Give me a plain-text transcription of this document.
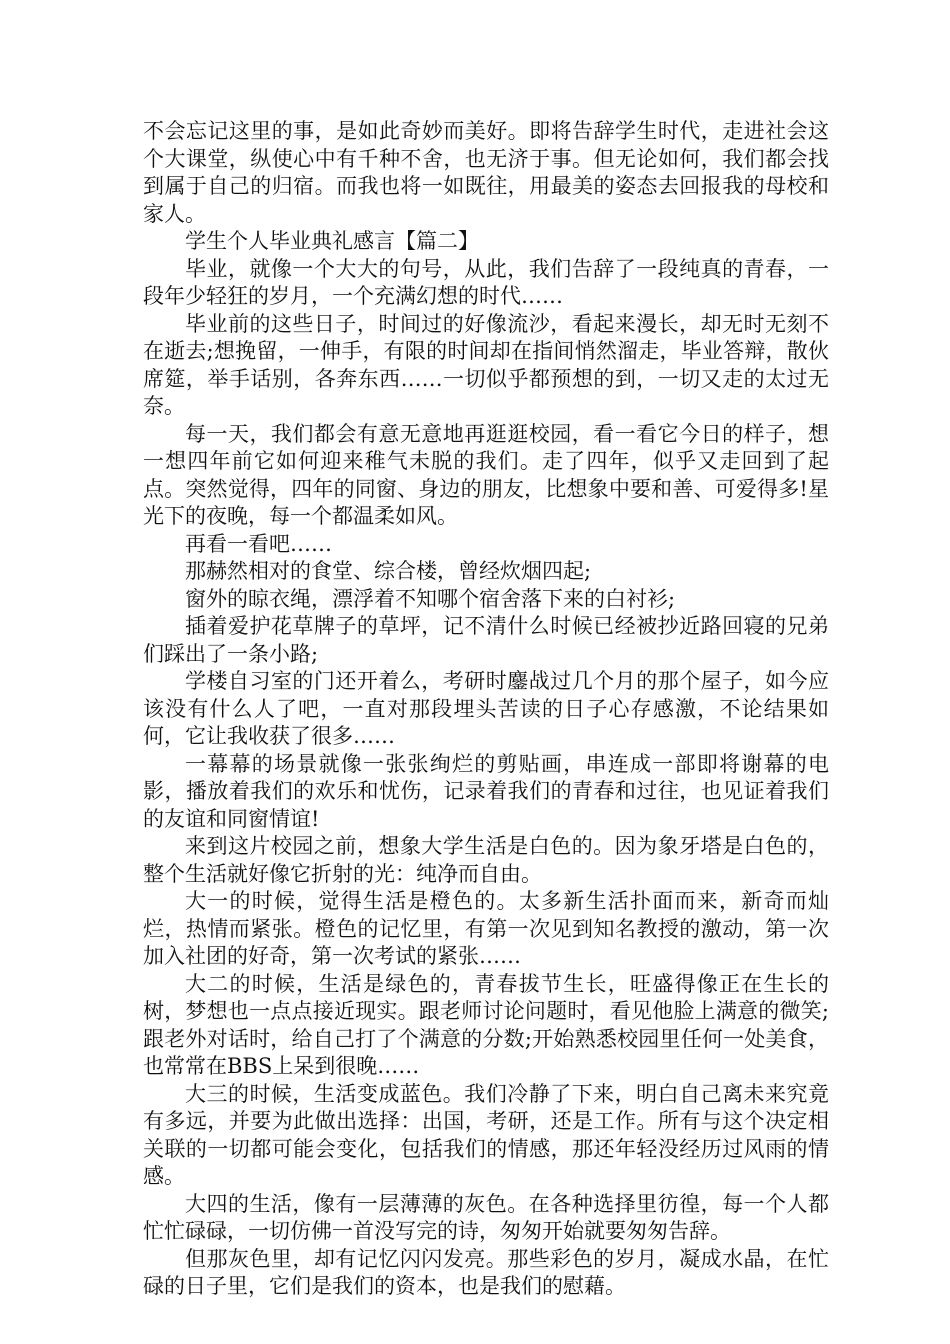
不会忘记这里的事，是如此奇妙而美好。即将告辞学生时代，走进社会这个大课堂，纵使心中有千种不舍，也无济于事。但无论如何，我们都会找到属于自己的归宿。而我也将一如既往，用最美的姿态去回报我的母校和家人。

学生个人毕业典礼感言【篇二】

毕业，就像一个大大的句号，从此，我们告辞了一段纯真的青春，一段年少轻狂的岁月，一个充满幻想的时代……

毕业前的这些日子，时间过的好像流沙，看起来漫长，却无时无刻不在逝去;想挽留，一伸手，有限的时间却在指间悄然溜走，毕业答辩，散伙席筵，举手话别，各奔东西……一切似乎都预想的到，一切又走的太过无奈。

每一天，我们都会有意无意地再逛逛校园，看一看它今日的样子，想一想四年前它如何迎来稚气未脱的我们。走了四年，似乎又走回到了起点。突然觉得，四年的同窗、身边的朋友，比想象中要和善、可爱得多!星光下的夜晚，每一个都温柔如风。

再看一看吧……

那赫然相对的食堂、综合楼，曾经炊烟四起;

窗外的晾衣绳，漂浮着不知哪个宿舍落下来的白衬衫;

插着爱护花草牌子的草坪，记不清什么时候已经被抄近路回寝的兄弟们踩出了一条小路;

学楼自习室的门还开着么，考研时鏖战过几个月的那个屋子，如今应该没有什么人了吧，一直对那段埋头苦读的日子心存感激，不论结果如何，它让我收获了很多……

一幕幕的场景就像一张张绚烂的剪贴画，串连成一部即将谢幕的电影，播放着我们的欢乐和忧伤，记录着我们的青春和过往，也见证着我们的友谊和同窗情谊!

来到这片校园之前，想象大学生活是白色的。因为象牙塔是白色的，整个生活就好像它折射的光：纯净而自由。

大一的时候，觉得生活是橙色的。太多新生活扑面而来，新奇而灿烂，热情而紧张。橙色的记忆里，有第一次见到知名教授的激动，第一次加入社团的好奇，第一次考试的紧张……

大二的时候，生活是绿色的，青春拔节生长，旺盛得像正在生长的树，梦想也一点点接近现实。跟老师讨论问题时，看见他脸上满意的微笑;跟老外对话时，给自己打了个满意的分数;开始熟悉校园里任何一处美食，也常常在BBS上呆到很晚……

大三的时候，生活变成蓝色。我们冷静了下来，明白自己离未来究竟有多远，并要为此做出选择：出国，考研，还是工作。所有与这个决定相关联的一切都可能会变化，包括我们的情感，那还年轻没经历过风雨的情感。

大四的生活，像有一层薄薄的灰色。在各种选择里彷徨，每一个人都忙忙碌碌，一切仿佛一首没写完的诗，匆匆开始就要匆匆告辞。

但那灰色里，却有记忆闪闪发亮。那些彩色的岁月，凝成水晶，在忙碌的日子里，它们是我们的资本，也是我们的慰藉。
